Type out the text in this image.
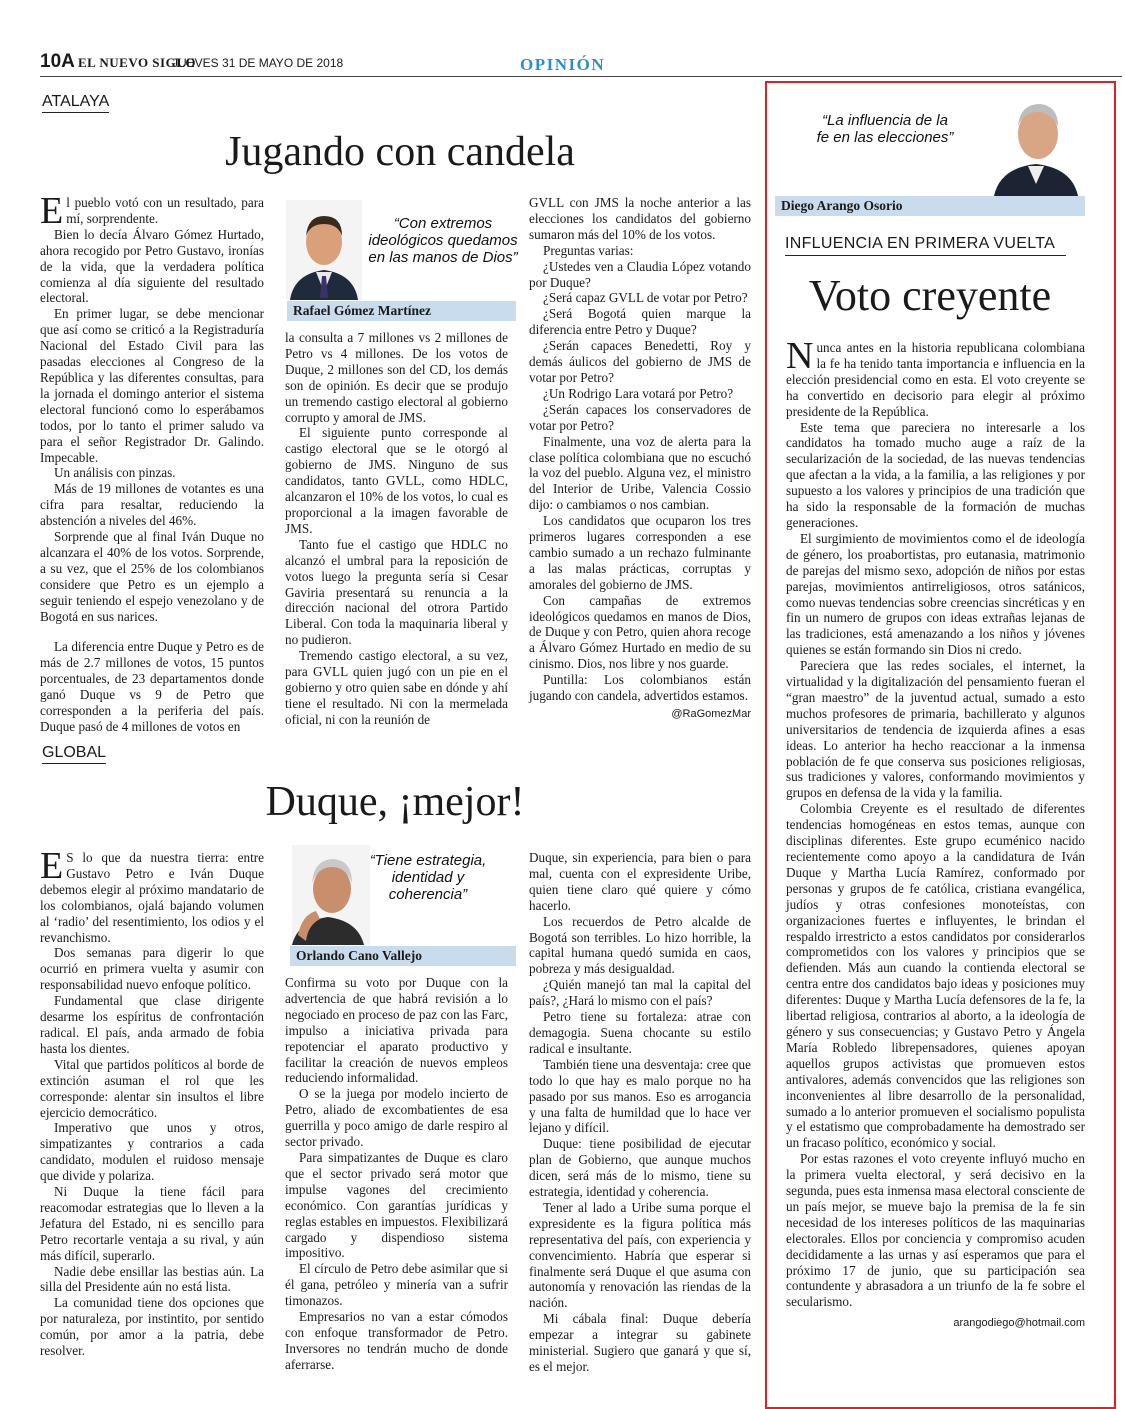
10A EL NUEVO SIGLO
JUEVES 31 DE MAYO DE 2018	OPINIÓN
ATALAYA
Jugando con candela

El pueblo votó con un resultado, para mí, sorprendente.

Bien lo decía Álvaro Gómez Hurtado, ahora recogido por Petro Gustavo, ironías de la vida, que la verdadera política comienza al día siguiente del resultado electoral.

En primer lugar, se debe mencionar que así como se criticó a la Registraduría Nacional del Estado Civil para las pasadas elecciones al Congreso de la República y las diferentes consultas, para la jornada el domingo anterior el sistema electoral funcionó como lo esperábamos todos, por lo tanto el primer saludo va para el señor Registrador Dr. Galindo. Impecable.

Un análisis con pinzas.

Más de 19 millones de votantes es una cifra para resaltar, reduciendo la abstención a niveles del 46%.

Sorprende que al final Iván Duque no alcanzara el 40% de los votos. Sorprende, a su vez, que el 25% de los colombianos considere que Petro es un ejemplo a seguir teniendo el espejo venezolano y de Bogotá en sus narices.

La diferencia entre Duque y Petro es de más de 2.7 millones de votos, 15 puntos porcentuales, de 23 departamentos donde ganó Duque vs 9 de Petro que corresponden a la periferia del país. Duque pasó de 4 millones de votos en

“Con extremos ideológicos quedamos en las manos de Dios”
Rafael Gómez Martínez

la consulta a 7 millones vs 2 millones de Petro vs 4 millones. De los votos de Duque, 2 millones son del CD, los demás son de opinión. Es decir que se produjo un tremendo castigo electoral al gobierno corrupto y amoral de JMS.

El siguiente punto corresponde al castigo electoral que se le otorgó al gobierno de JMS. Ninguno de sus candidatos, tanto GVLL, como HDLC, alcanzaron el 10% de los votos, lo cual es proporcional a la imagen favorable de JMS.

Tanto fue el castigo que HDLC no alcanzó el umbral para la reposición de votos luego la pregunta sería si Cesar Gaviria presentará su renuncia a la dirección nacional del otrora Partido Liberal. Con toda la maquinaria liberal y no pudieron.

Tremendo castigo electoral, a su vez, para GVLL quien jugó con un pie en el gobierno y otro quien sabe en dónde y ahí tiene el resultado. Ni con la mermelada oficial, ni con la reunión de

GVLL con JMS la noche anterior a las elecciones los candidatos del gobierno sumaron más del 10% de los votos.

Preguntas varias:

¿Ustedes ven a Claudia López votando por Duque?

¿Será capaz GVLL de votar por Petro?

¿Será Bogotá quien marque la diferencia entre Petro y Duque?

¿Serán capaces Benedetti, Roy y demás áulicos del gobierno de JMS de votar por Petro?

¿Un Rodrigo Lara votará por Petro?

¿Serán capaces los conservadores de votar por Petro?

Finalmente, una voz de alerta para la clase política colombiana que no escuchó la voz del pueblo. Alguna vez, el ministro del Interior de Uribe, Valencia Cossio dijo: o cambiamos o nos cambian.

Los candidatos que ocuparon los tres primeros lugares corresponden a ese cambio sumado a un rechazo fulminante a las malas prácticas, corruptas y amorales del gobierno de JMS.

Con campañas de extremos ideológicos quedamos en manos de Dios, de Duque y con Petro, quien ahora recoge a Álvaro Gómez Hurtado en medio de su cinismo. Dios, nos libre y nos guarde.

Puntilla: Los colombianos están jugando con candela, advertidos estamos.

@RaGomezMar
GLOBAL
Duque, ¡mejor!

E S lo que da nuestra tierra: entre Gustavo Petro e Iván Duque debemos elegir al próximo mandatario de los colombianos, ojalá bajando volumen al ‘radio’ del resentimiento, los odios y el revanchismo.

Dos semanas para digerir lo que ocurrió en primera vuelta y asumir con responsabilidad nuevo enfoque político.

Fundamental que clase dirigente desarme los espíritus de confrontación radical. El país, anda armado de fobia hasta los dientes.

Vital que partidos políticos al borde de extinción asuman el rol que les corresponde: alentar sin insultos el libre ejercicio democrático.

Imperativo que unos y otros, simpatizantes y contrarios a cada candidato, modulen el ruidoso mensaje que divide y polariza.

Ni Duque la tiene fácil para reacomodar estrategias que lo lleven a la Jefatura del Estado, ni es sencillo para Petro recortarle ventaja a su rival, y aún más difícil, superarlo.

Nadie debe ensillar las bestias aún. La silla del Presidente aún no está lista.

La comunidad tiene dos opciones que por naturaleza, por instintito, por sentido común, por amor a la patria, debe resolver.

“Tiene estrategia, identidad y coherencia”
Orlando Cano Vallejo

Confirma su voto por Duque con la advertencia de que habrá revisión a lo negociado en proceso de paz con las Farc, impulso a iniciativa privada para repotenciar el aparato productivo y facilitar la creación de nuevos empleos reduciendo informalidad.

O se la juega por modelo incierto de Petro, aliado de excombatientes de esa guerrilla y poco amigo de darle respiro al sector privado.

Para simpatizantes de Duque es claro que el sector privado será motor que impulse vagones del crecimiento económico. Con garantías jurídicas y reglas estables en impuestos. Flexibilizará cargado y dispendioso sistema impositivo.

El círculo de Petro debe asimilar que si él gana, petróleo y minería van a sufrir timonazos.

Empresarios no van a estar cómodos con enfoque transformador de Petro. Inversores no tendrán mucho de donde aferrarse.

Duque, sin experiencia, para bien o para mal, cuenta con el expresidente Uribe, quien tiene claro qué quiere y cómo hacerlo.

Los recuerdos de Petro alcalde de Bogotá son terribles. Lo hizo horrible, la capital humana quedó sumida en caos, pobreza y más desigualdad.

¿Quién manejó tan mal la capital del país?, ¿Hará lo mismo con el país?

Petro tiene su fortaleza: atrae con demagogia. Suena chocante su estilo radical e insultante.

También tiene una desventaja: cree que todo lo que hay es malo porque no ha pasado por sus manos. Eso es arrogancia y una falta de humildad que lo hace ver lejano y difícil.

Duque: tiene posibilidad de ejecutar plan de Gobierno, que aunque muchos dicen, será más de lo mismo, tiene su estrategia, identidad y coherencia.

Tener al lado a Uribe suma porque el expresidente es la figura política más representativa del país, con experiencia y convencimiento. Habría que esperar si finalmente será Duque el que asuma con autonomía y renovación las riendas de la nación.

Mi cábala final: Duque debería empezar a integrar su gabinete ministerial. Sugiero que ganará y que sí, es el mejor.

“La influencia de la fe en las elecciones”
Diego Arango Osorio
INFLUENCIA EN PRIMERA VUELTA
Voto creyente

Nunca antes en la historia republicana colombiana la fe ha tenido tanta importancia e influencia en la elección presidencial como en esta. El voto creyente se ha convertido en decisorio para elegir al próximo presidente de la República.

Este tema que pareciera no interesarle a los candidatos ha tomado mucho auge a raíz de la secularización de la sociedad, de las nuevas tendencias que afectan a la vida, a la familia, a las religiones y por supuesto a los valores y principios de una tradición que ha sido la responsable de la formación de muchas generaciones.

El surgimiento de movimientos como el de ideología de género, los proabortistas, pro eutanasia, matrimonio de parejas del mismo sexo, adopción de niños por estas parejas, movimientos antirreligiosos, otros satánicos, como nuevas tendencias sobre creencias sincréticas y en fin un numero de grupos con ideas extrañas lejanas de las tradiciones, está amenazando a los niños y jóvenes quienes se están formando sin Dios ni credo.

Pareciera que las redes sociales, el internet, la virtualidad y la digitalización del pensamiento fueran el “gran maestro” de la juventud actual, sumado a esto muchos profesores de primaria, bachillerato y algunos universitarios de tendencia de izquierda afines a esas ideas. Lo anterior ha hecho reaccionar a la inmensa población de fe que conserva sus posiciones religiosas, sus tradiciones y valores, conformando movimientos y grupos en defensa de la vida y la familia.

Colombia Creyente es el resultado de diferentes tendencias homogéneas en estos temas, aunque con disciplinas diferentes. Este grupo ecuménico nacido recientemente como apoyo a la candidatura de Iván Duque y Martha Lucía Ramírez, conformado por personas y grupos de fe católica, cristiana evangélica, judíos y otras confesiones monoteístas, con organizaciones fuertes e influyentes, le brindan el respaldo irrestricto a estos candidatos por considerarlos comprometidos con los valores y principios que se defienden. Más aun cuando la contienda electoral se centra entre dos candidatos bajo ideas y posiciones muy diferentes: Duque y Martha Lucía defensores de la fe, la libertad religiosa, contrarios al aborto, a la ideología de género y sus consecuencias; y Gustavo Petro y Ángela María Robledo librepensadores, quienes apoyan aquellos grupos activistas que promueven estos antivalores, además convencidos que las religiones son inconvenientes al libre desarrollo de la personalidad, sumado a lo anterior promueven el socialismo populista y el estatismo que comprobadamente ha demostrado ser un fracaso político, económico y social.

Por estas razones el voto creyente influyó mucho en la primera vuelta electoral, y será decisivo en la segunda, pues esta inmensa masa electoral consciente de un país mejor, se mueve bajo la premisa de la fe sin necesidad de los intereses políticos de las maquinarias electorales. Ellos por conciencia y compromiso acuden decididamente a las urnas y así esperamos que para el próximo 17 de junio, que su participación sea contundente y abrasadora a un triunfo de la fe sobre el secularismo.

arangodiego@hotmail.com
